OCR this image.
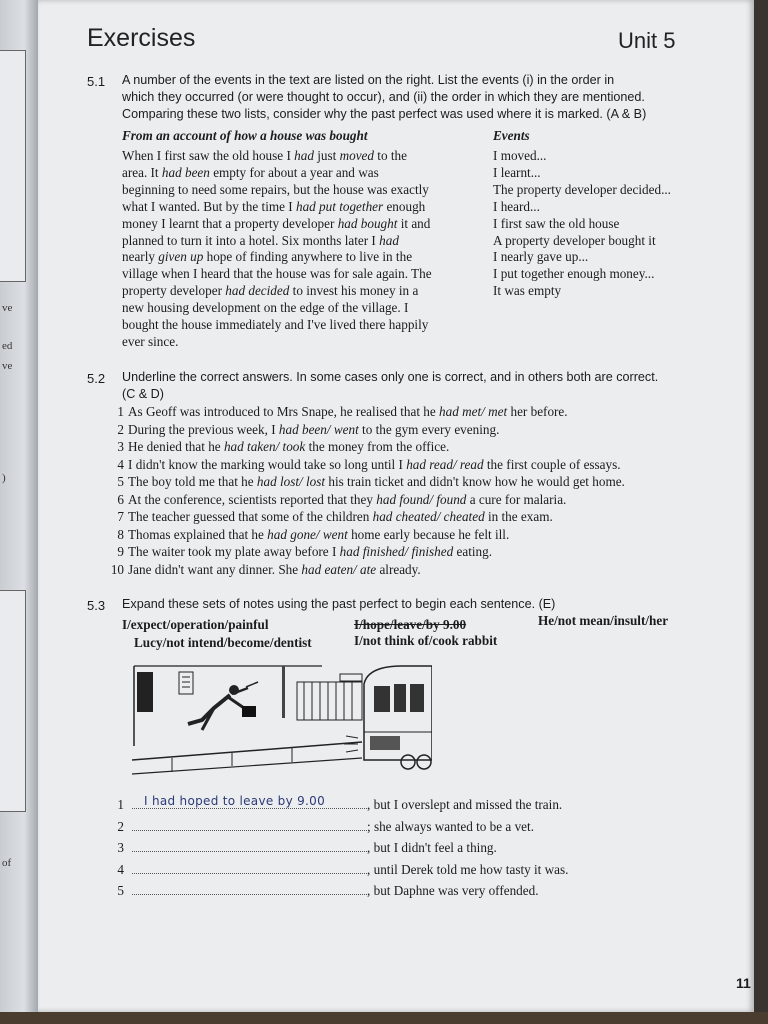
ve
ed
ve
)
of
Exercises	Unit 5
5.1 A number of the events in the text are listed on the right. List the events (i) in the order in
which they occurred (or were thought to occur), and (ii) the order in which they are mentioned.
Comparing these two lists, consider why the past perfect was used where it is marked. (A & B)
From an account of how a house was bought	Events
When I first saw the old house I had just moved to the
area. It had been empty for about a year and was
beginning to need some repairs, but the house was exactly
what I wanted. But by the time I had put together enough
money I learnt that a property developer had bought it and
planned to turn it into a hotel. Six months later I had
nearly given up hope of finding anywhere to live in the
village when I heard that the house was for sale again. The
property developer had decided to invest his money in a
new housing development on the edge of the village. I
bought the house immediately and I've lived there happily
ever since.
I moved...
I learnt...
The property developer decided...
I heard...
I first saw the old house
A property developer bought it
I nearly gave up...
I put together enough money...
It was empty
5.2 Underline the correct answers. In some cases only one is correct, and in others both are correct.
(C & D)
1 As Geoff was introduced to Mrs Snape, he realised that he had met/ met her before.
2 During the previous week, I had been/ went to the gym every evening.
3 He denied that he had taken/ took the money from the office.
4 I didn't know the marking would take so long until I had read/ read the first couple of essays.
5 The boy told me that he had lost/ lost his train ticket and didn't know how he would get home.
6 At the conference, scientists reported that they had found/ found a cure for malaria.
7 The teacher guessed that some of the children had cheated/ cheated in the exam.
8 Thomas explained that he had gone/ went home early because he felt ill.
9 The waiter took my plate away before I had finished/ finished eating.
10 Jane didn't want any dinner. She had eaten/ ate already.
5.3 Expand these sets of notes using the past perfect to begin each sentence. (E)
I/expect/operation/painful	I/hope/leave/by 9.00	He/not mean/insult/her
Lucy/not intend/become/dentist	I/not think of/cook rabbit
1 I had hoped to leave by 9.00	, but I overslept and missed the train.
2	; she always wanted to be a vet.
3	, but I didn't feel a thing.
4	, until Derek told me how tasty it was.
5	, but Daphne was very offended.
11
